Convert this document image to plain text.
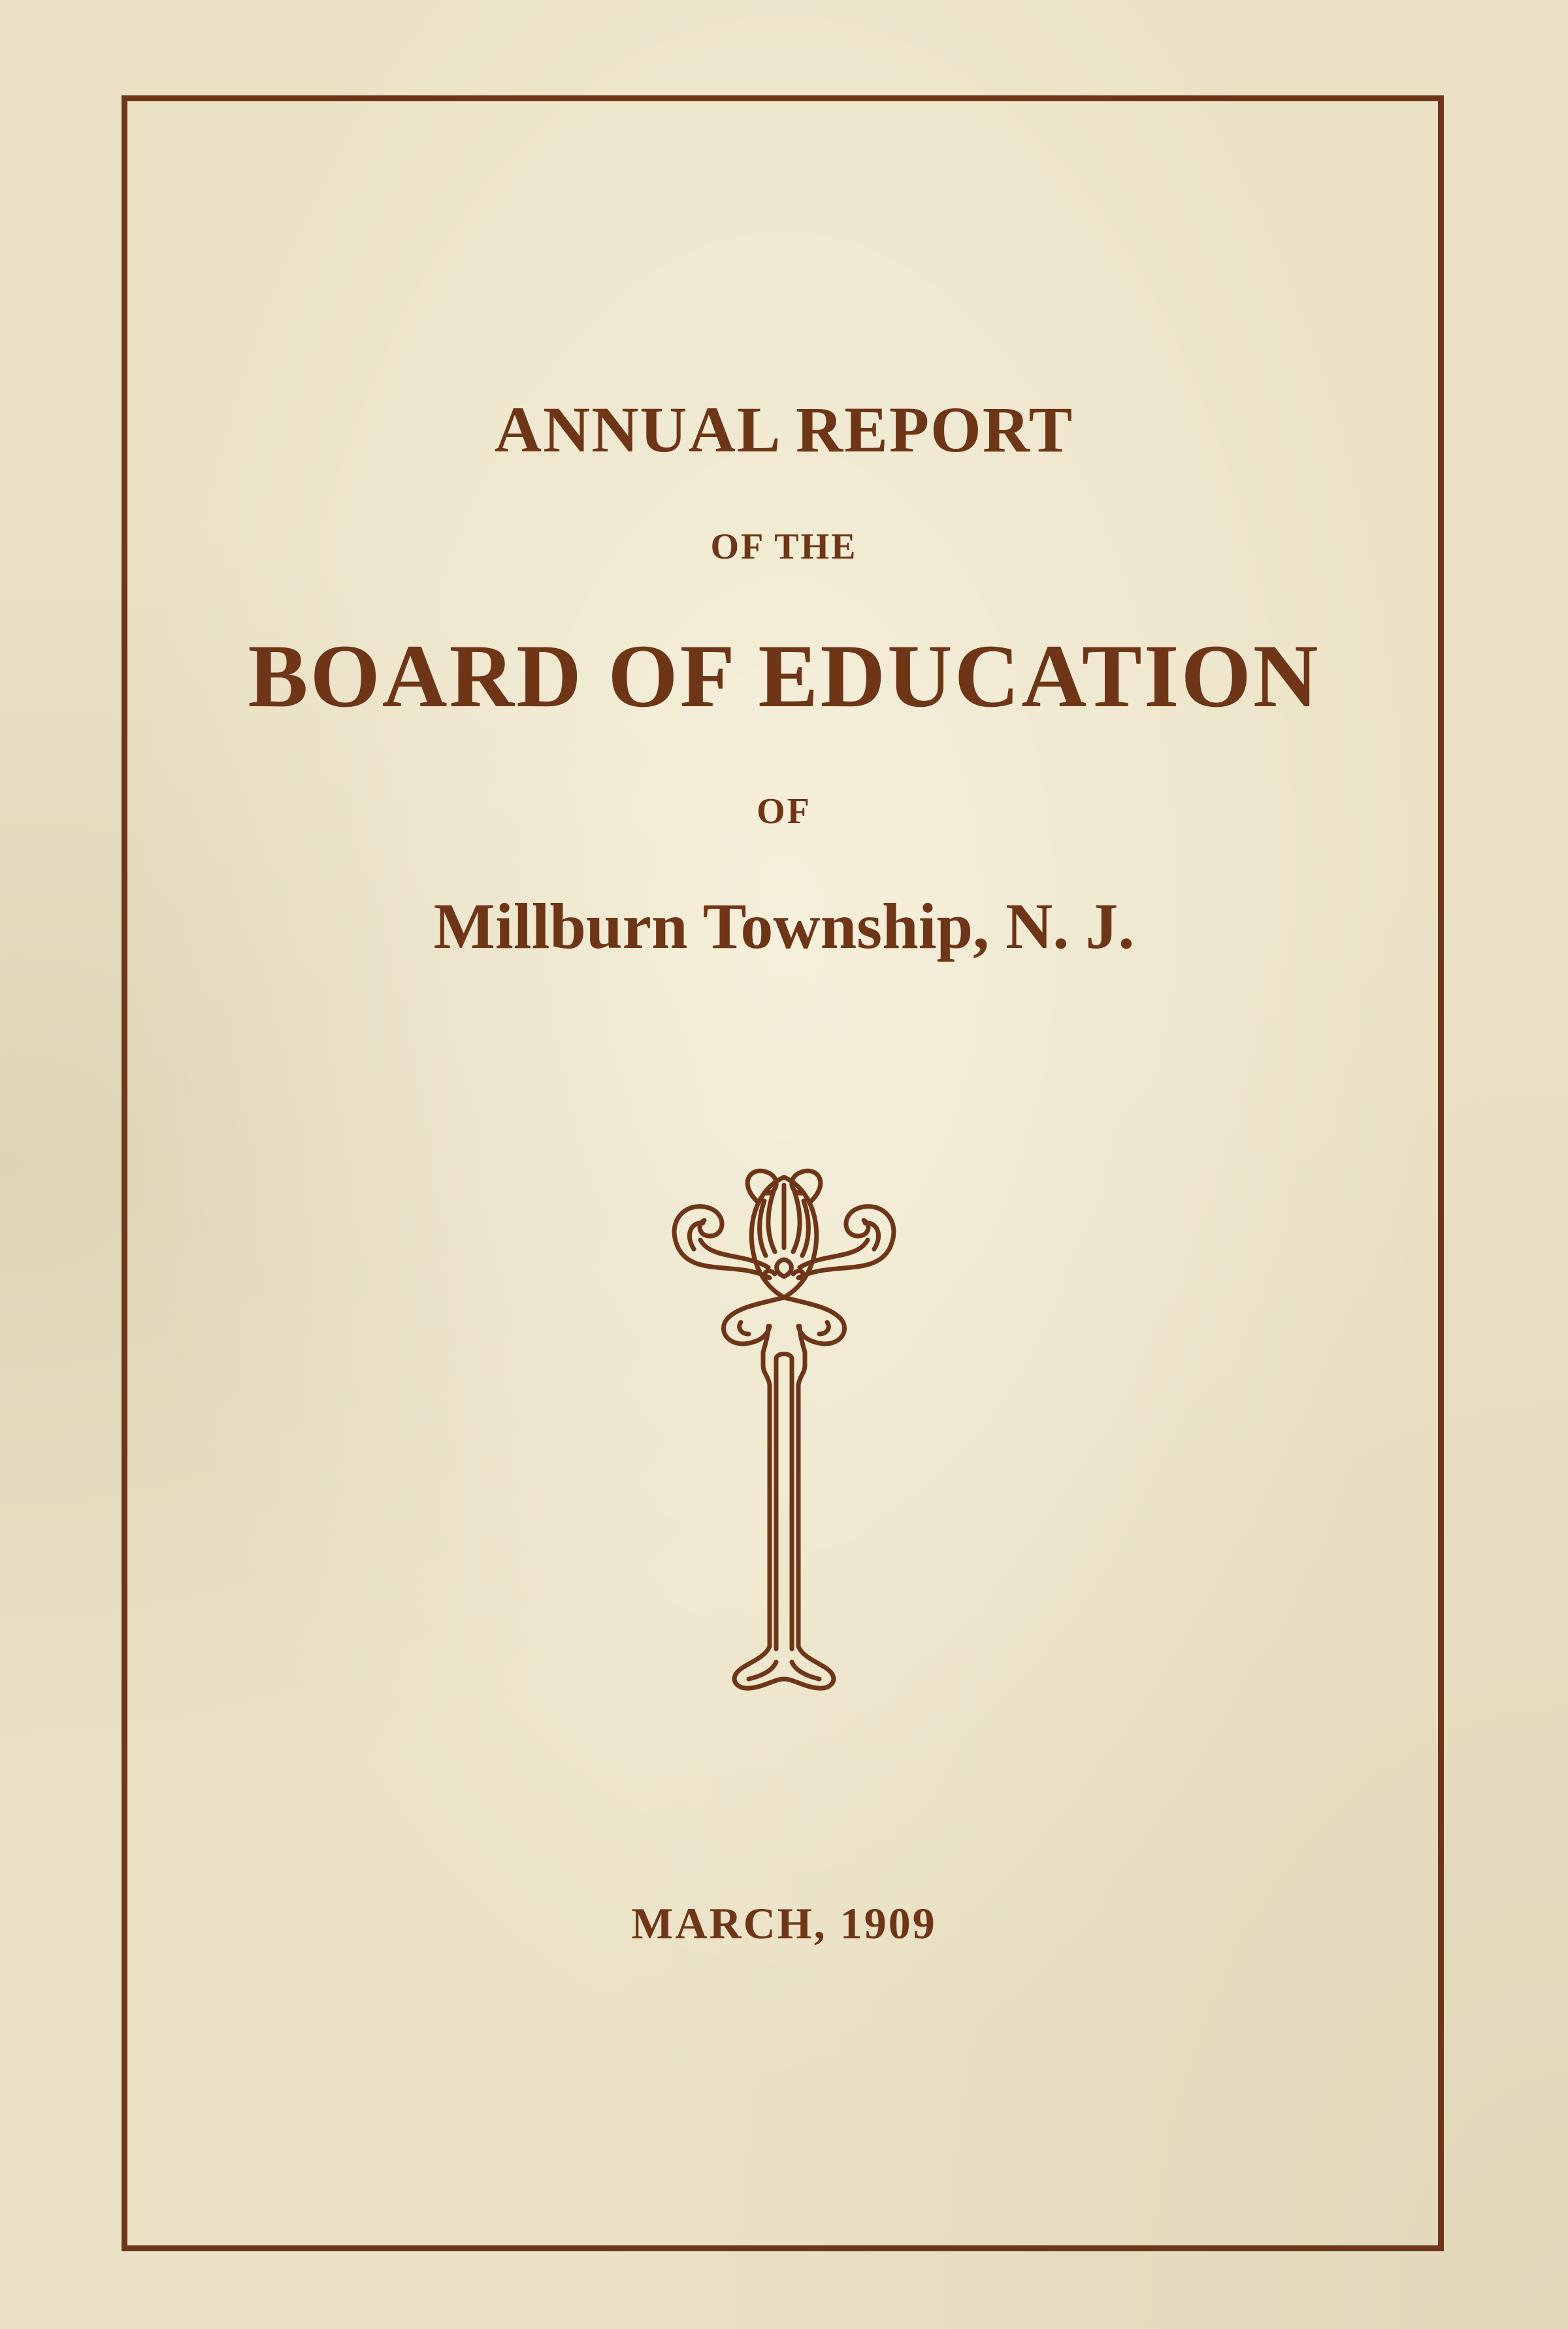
ANNUAL REPORT
OF THE
BOARD OF EDUCATION
OF
Millburn Township, N. J.
MARCH, 1909
